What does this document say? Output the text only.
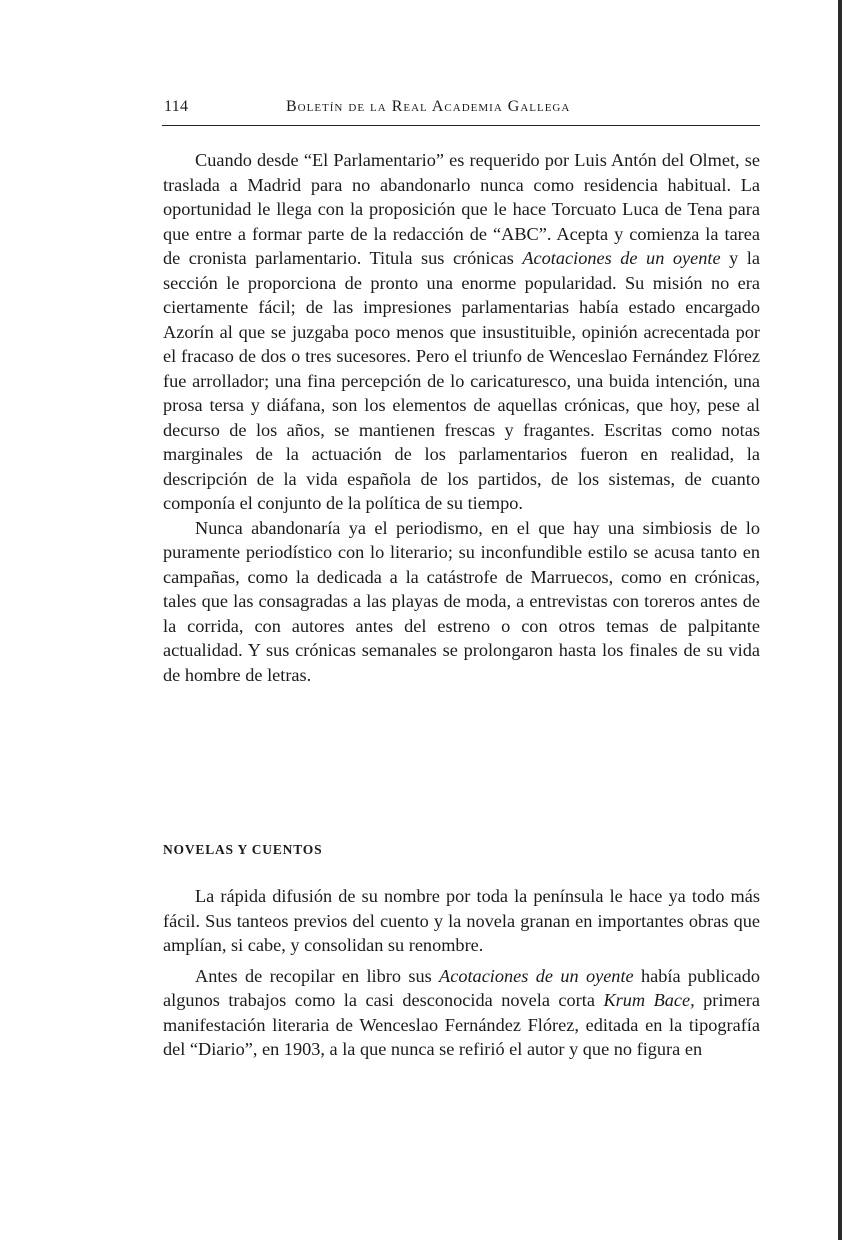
114	Boletín de la Real Academia Gallega

Cuando desde “El Parlamentario” es requerido por Luis Antón del Olmet, se traslada a Madrid para no abandonarlo nunca como residencia habitual. La oportunidad le llega con la proposición que le hace Torcuato Luca de Tena para que entre a formar parte de la redacción de “ABC”. Acepta y comienza la tarea de cronista parlamentario. Titula sus crónicas Acotaciones de un oyente y la sección le proporciona de pronto una enorme popularidad. Su misión no era ciertamente fácil; de las impresiones parlamentarias había estado encargado Azorín al que se juzgaba poco menos que insustituible, opinión acrecentada por el fracaso de dos o tres sucesores. Pero el triunfo de Wenceslao Fernández Flórez fue arrollador; una fina percepción de lo caricaturesco, una buida intención, una prosa tersa y diáfana, son los elementos de aquellas crónicas, que hoy, pese al decurso de los años, se mantienen frescas y fragantes. Escritas como notas marginales de la actuación de los parlamentarios fueron en realidad, la descripción de la vida española de los partidos, de los sistemas, de cuanto componía el conjunto de la política de su tiempo.

Nunca abandonaría ya el periodismo, en el que hay una simbiosis de lo puramente periodístico con lo literario; su inconfundible estilo se acusa tanto en campañas, como la dedicada a la catástrofe de Marruecos, como en crónicas, tales que las consagradas a las playas de moda, a entrevistas con toreros antes de la corrida, con autores antes del estreno o con otros temas de palpitante actualidad. Y sus crónicas semanales se prolongaron hasta los finales de su vida de hombre de letras.

NOVELAS Y CUENTOS

La rápida difusión de su nombre por toda la península le hace ya todo más fácil. Sus tanteos previos del cuento y la novela granan en importantes obras que amplían, si cabe, y consolidan su renombre.

Antes de recopilar en libro sus Acotaciones de un oyente había publicado algunos trabajos como la casi desconocida novela corta Krum Bace, primera manifestación literaria de Wenceslao Fernández Flórez, editada en la tipografía del “Diario”, en 1903, a la que nunca se refirió el autor y que no figura en
